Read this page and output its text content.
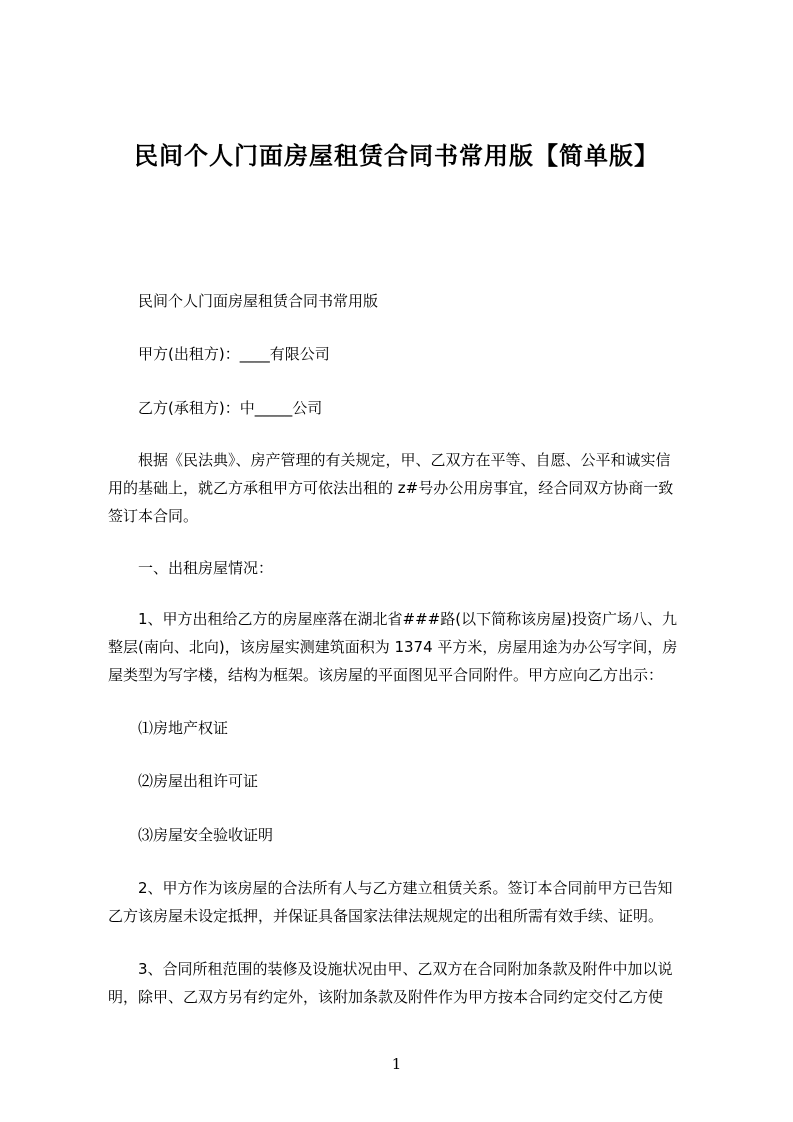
民间个人门面房屋租赁合同书常用版【简单版】
民间个人门面房屋租赁合同书常用版
甲方(出租方)：____有限公司
乙方(承租方)：中_____公司
根据《民法典》、房产管理的有关规定，甲、乙双方在平等、自愿、公平和诚实信
用的基础上，就乙方承租甲方可依法出租的 z#号办公用房事宜，经合同双方协商一致
签订本合同。
一、出租房屋情况：
1、甲方出租给乙方的房屋座落在湖北省###路(以下简称该房屋)投资广场八、九
整层(南向、北向)，该房屋实测建筑面积为 1374 平方米，房屋用途为办公写字间，房
屋类型为写字楼，结构为框架。该房屋的平面图见平合同附件。甲方应向乙方出示：
⑴房地产权证
⑵房屋出租许可证
⑶房屋安全验收证明
2、甲方作为该房屋的合法所有人与乙方建立租赁关系。签订本合同前甲方已告知
乙方该房屋未设定抵押，并保证具备国家法律法规规定的出租所需有效手续、证明。
3、合同所租范围的装修及设施状况由甲、乙双方在合同附加条款及附件中加以说
明，除甲、乙双方另有约定外，该附加条款及附件作为甲方按本合同约定交付乙方使
1
